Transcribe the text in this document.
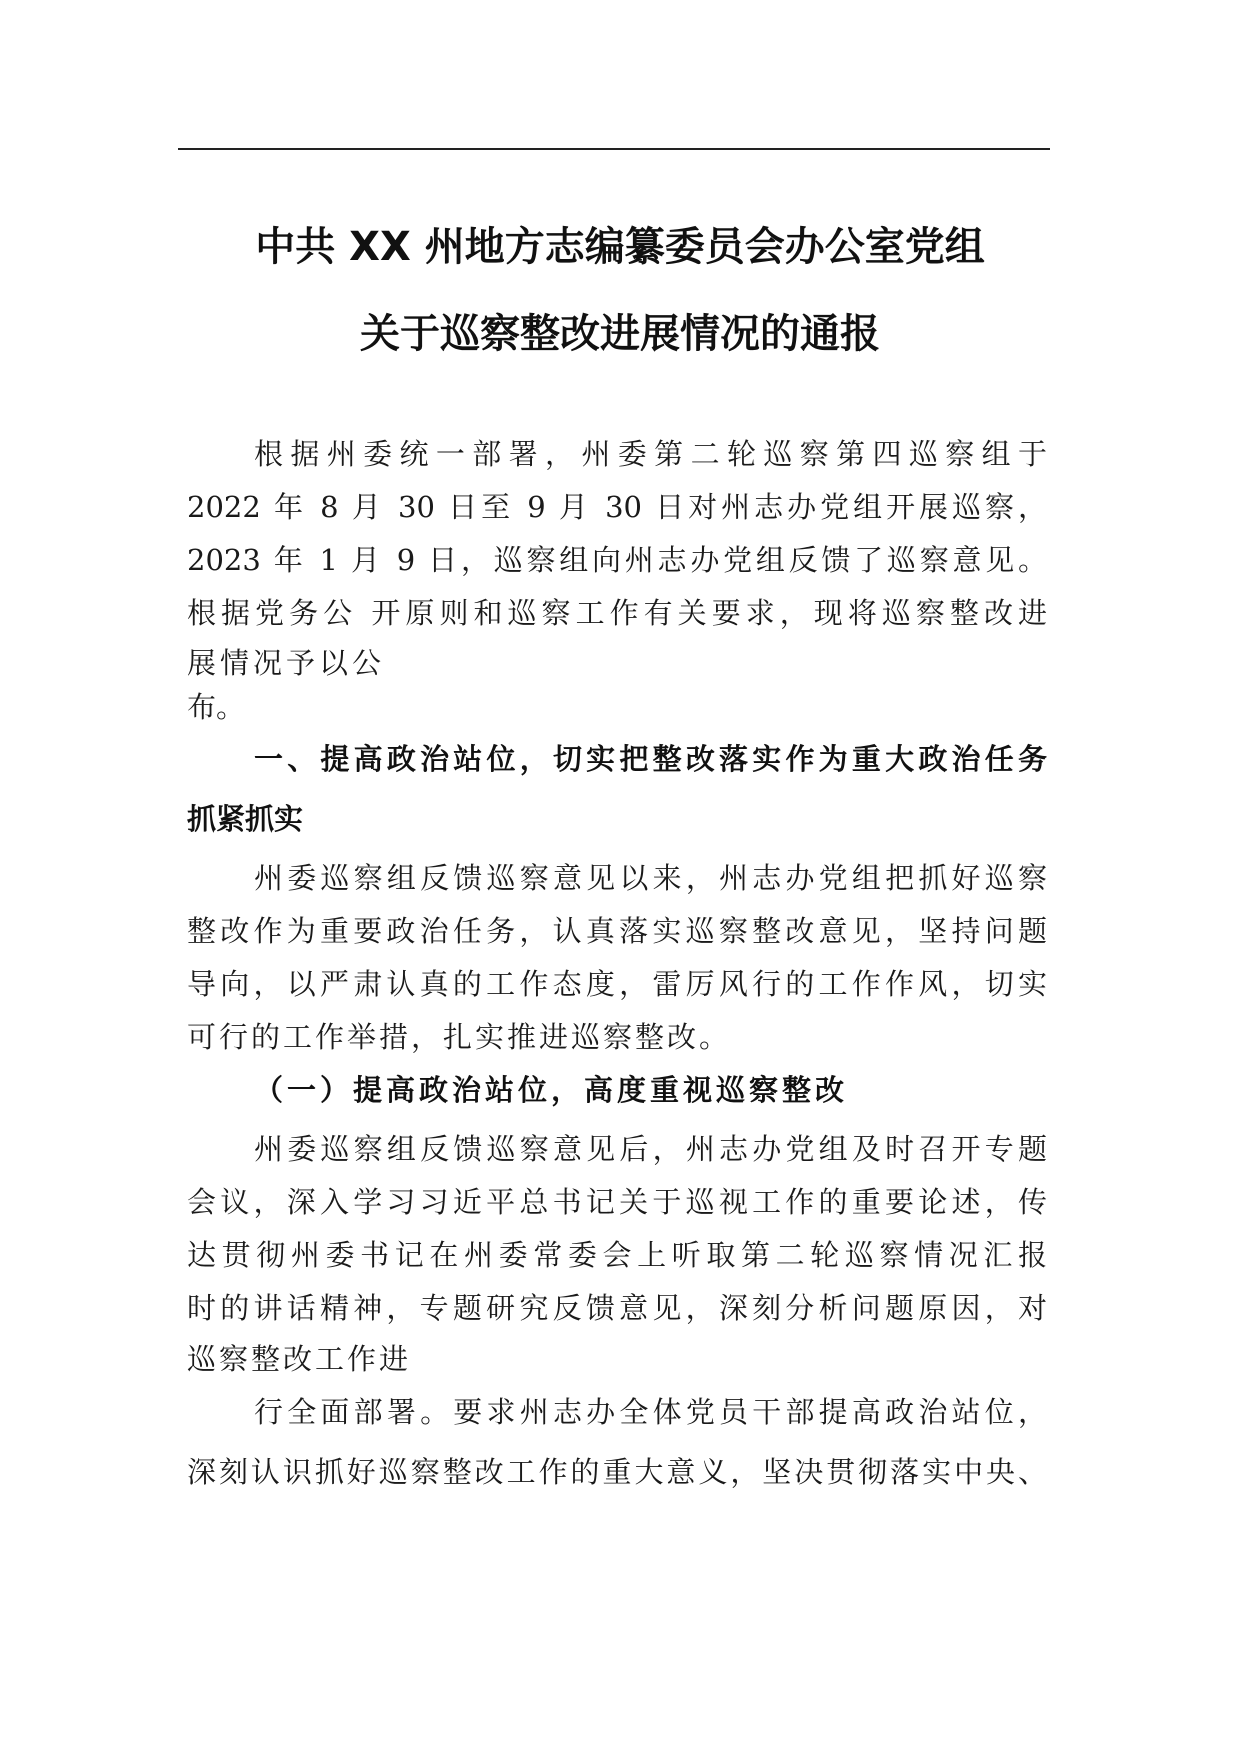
中共 XX 州地方志编纂委员会办公室党组
关于巡察整改进展情况的通报
根据州委统一部署，州委第二轮巡察第四巡察组于
2022 年 8 月 30 日至 9 月 30 日对州志办党组开展巡察，
2023 年 1 月 9 日，巡察组向州志办党组反馈了巡察意见。
根据党务公 开原则和巡察工作有关要求，现将巡察整改进
展情况予以公
布。
一、提高政治站位，切实把整改落实作为重大政治任务
抓紧抓实
州委巡察组反馈巡察意见以来，州志办党组把抓好巡察
整改作为重要政治任务，认真落实巡察整改意见，坚持问题
导向，以严肃认真的工作态度，雷厉风行的工作作风，切实
可行的工作举措，扎实推进巡察整改。
（一）提高政治站位，高度重视巡察整改
州委巡察组反馈巡察意见后，州志办党组及时召开专题
会议，深入学习习近平总书记关于巡视工作的重要论述，传
达贯彻州委书记在州委常委会上听取第二轮巡察情况汇报
时的讲话精神，专题研究反馈意见，深刻分析问题原因，对
巡察整改工作进
行全面部署。要求州志办全体党员干部提高政治站位，
深刻认识抓好巡察整改工作的重大意义，坚决贯彻落实中央、
